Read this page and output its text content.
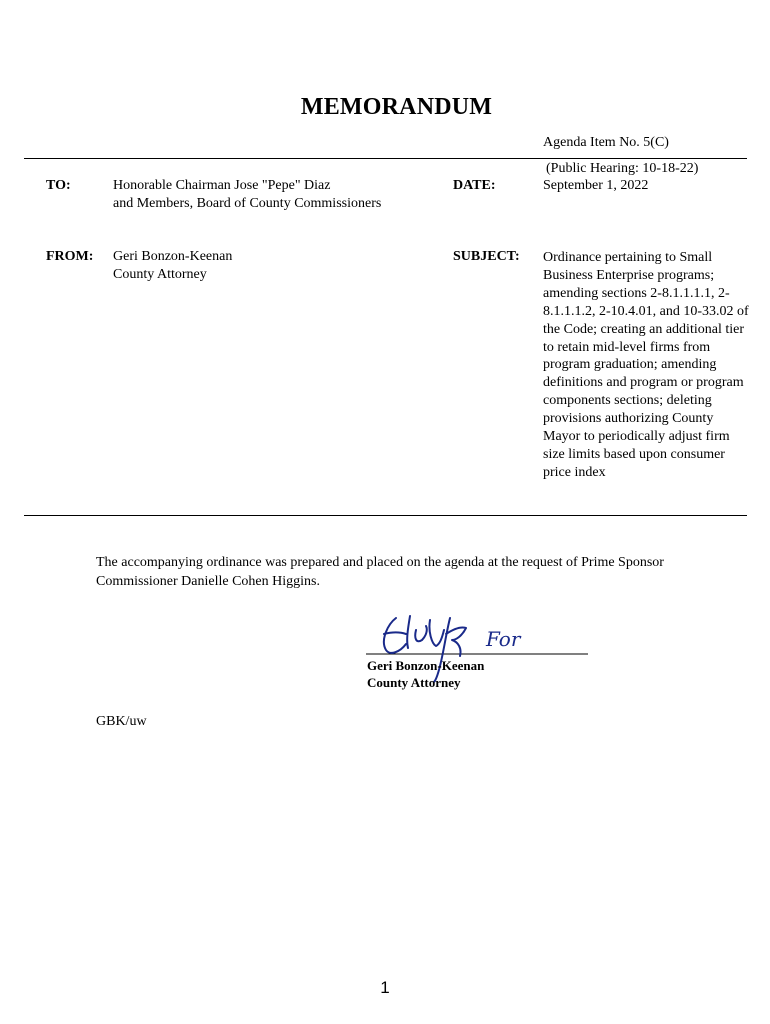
MEMORANDUM
Agenda Item No. 5(C)
(Public Hearing: 10-18-22)
TO:	Honorable Chairman Jose "Pepe" Diaz
and Members, Board of County Commissioners
DATE:	September 1, 2022
FROM: Geri Bonzon-Keenan
County Attorney
SUBJECT: Ordinance pertaining to Small Business Enterprise programs; amending sections 2-8.1.1.1.1, 2-8.1.1.1.2, 2-10.4.01, and 10-33.02 of the Code; creating an additional tier to retain mid-level firms from program graduation; amending definitions and program or program components sections; deleting provisions authorizing County Mayor to periodically adjust firm size limits based upon consumer price index
The accompanying ordinance was prepared and placed on the agenda at the request of Prime Sponsor Commissioner Danielle Cohen Higgins.
For
Geri Bonzon-Keenan
County Attorney
GBK/uw
1
